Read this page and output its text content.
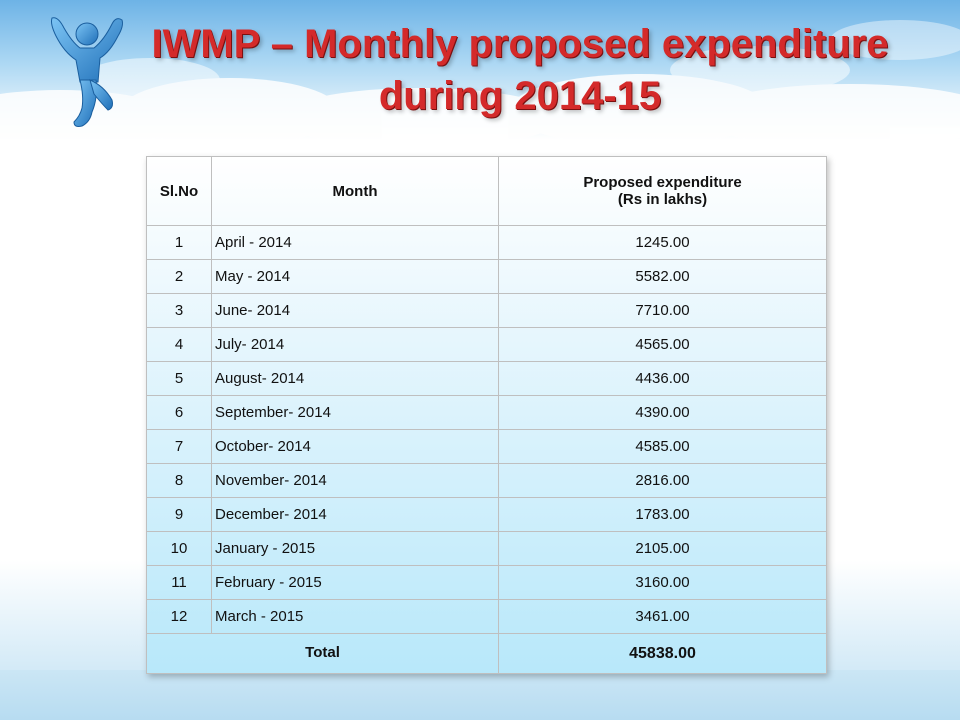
IWMP – Monthly proposed expenditure
during 2014-15
Sl.No	Month	Proposed expenditure
(Rs in lakhs)
1	April - 2014	1245.00
2	May - 2014	5582.00
3	June- 2014	7710.00
4	July- 2014	4565.00
5	August- 2014	4436.00
6	September- 2014	4390.00
7	October- 2014	4585.00
8	November- 2014	2816.00
9	December- 2014	1783.00
10	January - 2015	2105.00
11	February - 2015	3160.00
12	March - 2015	3461.00
Total		45838.00
